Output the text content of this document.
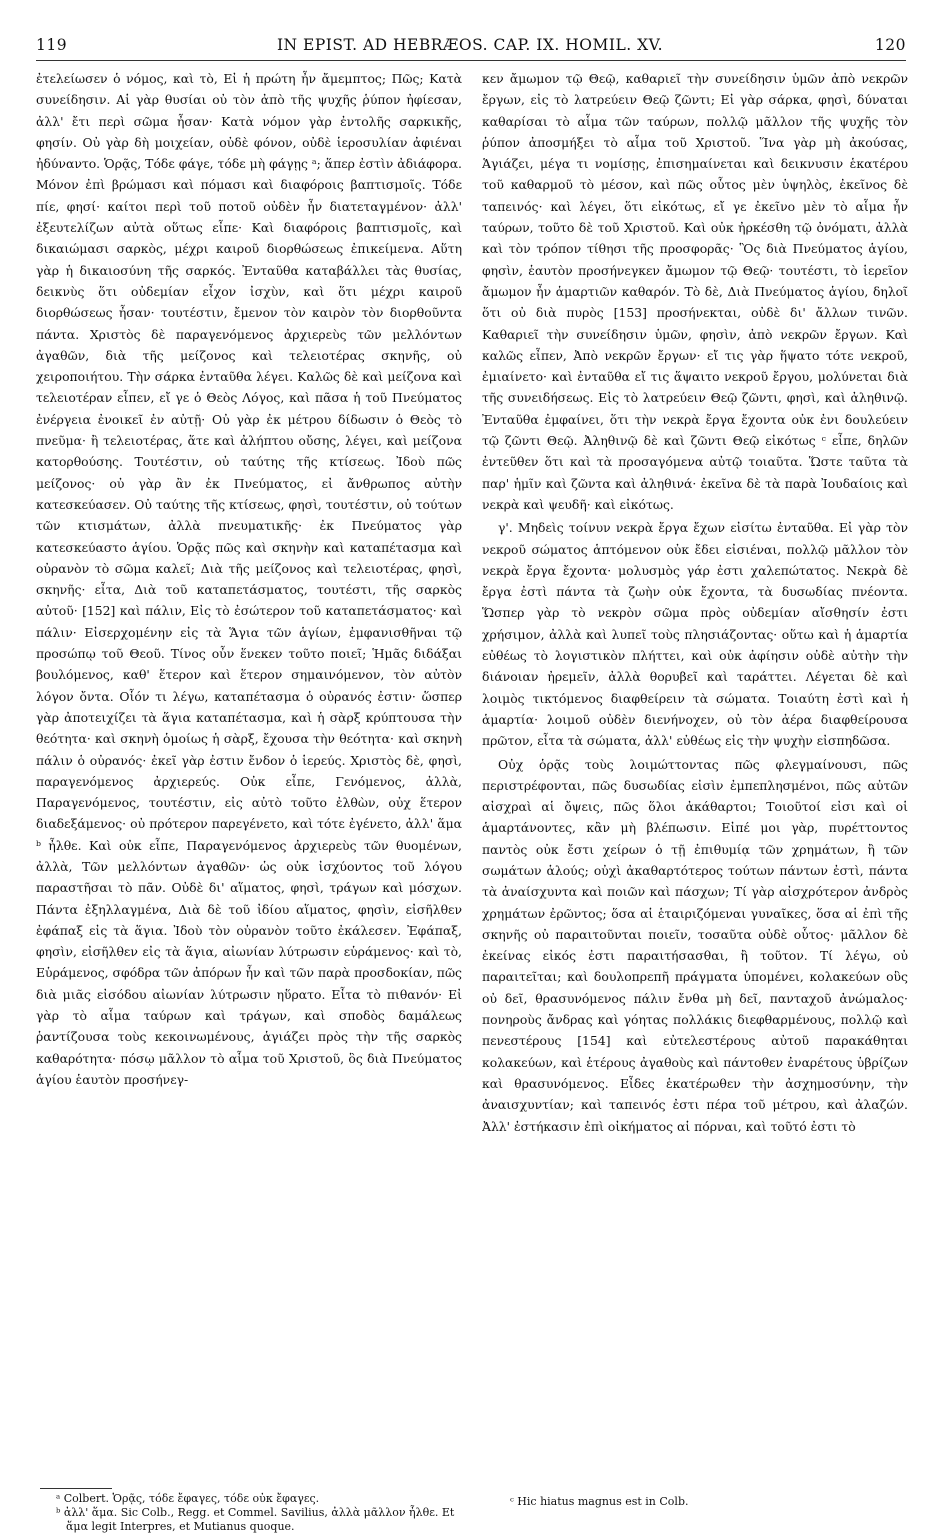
119	IN EPIST. AD HEBRÆOS. CAP. IX. HOMIL. XV.	120

ἐτελείωσεν ὁ νόμος, καὶ τὸ, Εἰ ἡ πρώτη ἦν ἄμεμπτος; Πῶς; Κατὰ συνείδησιν. Αἱ γὰρ θυσίαι οὐ τὸν ἀπὸ τῆς ψυχῆς ῥύπον ἠφίεσαν, ἀλλ' ἔτι περὶ σῶμα ἦσαν· Κατὰ νόμον γὰρ ἐντολῆς σαρκικῆς, φησίν. Οὐ γὰρ δὴ μοιχείαν, οὐδὲ φόνον, οὐδὲ ἱεροσυλίαν ἀφιέναι ἠδύναντο. Ὁρᾷς, Τόδε φάγε, τόδε μὴ φάγῃς ᵃ; ἅπερ ἐστὶν ἀδιάφορα. Μόνον ἐπὶ βρώμασι καὶ πόμασι καὶ διαφόροις βαπτισμοῖς. Τόδε πίε, φησί· καίτοι περὶ τοῦ ποτοῦ οὐδὲν ἦν διατεταγμένον· ἀλλ' ἐξευτελίζων αὐτὰ οὕτως εἶπε· Καὶ διαφόροις βαπτισμοῖς, καὶ δικαιώμασι σαρκὸς, μέχρι καιροῦ διορθώσεως ἐπικείμενα. Αὕτη γὰρ ἡ δικαιοσύνη τῆς σαρκός. Ἐνταῦθα καταβάλλει τὰς θυσίας, δεικνὺς ὅτι οὐδεμίαν εἶχον ἰσχὺν, καὶ ὅτι μέχρι καιροῦ διορθώσεως ἦσαν· τουτέστιν, ἔμενον τὸν καιρὸν τὸν διορθοῦντα πάντα. Χριστὸς δὲ παραγενόμενος ἀρχιερεὺς τῶν μελλόντων ἀγαθῶν, διὰ τῆς μείζονος καὶ τελειοτέρας σκηνῆς, οὐ χειροποιήτου. Τὴν σάρκα ἐνταῦθα λέγει. Καλῶς δὲ καὶ μείζονα καὶ τελειοτέραν εἶπεν, εἴ γε ὁ Θεὸς Λόγος, καὶ πᾶσα ἡ τοῦ Πνεύματος ἐνέργεια ἐνοικεῖ ἐν αὐτῇ· Οὐ γὰρ ἐκ μέτρου δίδωσιν ὁ Θεὸς τὸ πνεῦμα· ἢ τελειοτέρας, ἅτε καὶ ἀλήπτου οὔσης, λέγει, καὶ μείζονα κατορθούσης. Τουτέστιν, οὐ ταύτης τῆς κτίσεως. Ἰδοὺ πῶς μείζονος· οὐ γὰρ ἂν ἐκ Πνεύματος, εἰ ἄνθρωπος αὐτὴν κατεσκεύασεν. Οὐ ταύτης τῆς κτίσεως, φησὶ, τουτέστιν, οὐ τούτων τῶν κτισμάτων, ἀλλὰ πνευματικῆς· ἐκ Πνεύματος γὰρ κατεσκεύαστο ἁγίου. Ὁρᾷς πῶς καὶ σκηνὴν καὶ καταπέτασμα καὶ οὐρανὸν τὸ σῶμα καλεῖ; Διὰ τῆς μείζονος καὶ τελειοτέρας, φησὶ, σκηνῆς· εἶτα, Διὰ τοῦ καταπετάσματος, τουτέστι, τῆς σαρκὸς αὐτοῦ· [152] καὶ πάλιν, Εἰς τὸ ἐσώτερον τοῦ καταπετάσματος· καὶ πάλιν· Εἰσερχομένην εἰς τὰ Ἅγια τῶν ἁγίων, ἐμφανισθῆναι τῷ προσώπῳ τοῦ Θεοῦ. Τίνος οὖν ἕνεκεν τοῦτο ποιεῖ; Ἡμᾶς διδάξαι βουλόμενος, καθ' ἕτερον καὶ ἕτερον σημαινόμενον, τὸν αὐτὸν λόγον ὄντα. Οἷόν τι λέγω, καταπέτασμα ὁ οὐρανός ἐστιν· ὥσπερ γὰρ ἀποτειχίζει τὰ ἅγια καταπέτασμα, καὶ ἡ σὰρξ κρύπτουσα τὴν θεότητα· καὶ σκηνὴ ὁμοίως ἡ σὰρξ, ἔχουσα τὴν θεότητα· καὶ σκηνὴ πάλιν ὁ οὐρανός· ἐκεῖ γὰρ ἐστιν ἔνδον ὁ ἱερεύς. Χριστὸς δὲ, φησὶ, παραγενόμενος ἀρχιερεύς. Οὐκ εἶπε, Γενόμενος, ἀλλὰ, Παραγενόμενος, τουτέστιν, εἰς αὐτὸ τοῦτο ἐλθὼν, οὐχ ἕτερον διαδεξάμενος· οὐ πρότερον παρεγένετο, καὶ τότε ἐγένετο, ἀλλ' ἅμα ᵇ ἦλθε. Καὶ οὐκ εἶπε, Παραγενόμενος ἀρχιερεὺς τῶν θυομένων, ἀλλὰ, Τῶν μελλόντων ἀγαθῶν· ὡς οὐκ ἰσχύοντος τοῦ λόγου παραστῆσαι τὸ πᾶν. Οὐδὲ δι' αἵματος, φησὶ, τράγων καὶ μόσχων. Πάντα ἐξηλλαγμένα, Διὰ δὲ τοῦ ἰδίου αἵματος, φησὶν, εἰσῆλθεν ἐφάπαξ εἰς τὰ ἅγια. Ἰδοὺ τὸν οὐρανὸν τοῦτο ἐκάλεσεν. Ἐφάπαξ, φησὶν, εἰσῆλθεν εἰς τὰ ἅγια, αἰωνίαν λύτρωσιν εὑράμενος· καὶ τὸ, Εὑράμενος, σφόδρα τῶν ἀπόρων ἦν καὶ τῶν παρὰ προσδοκίαν, πῶς διὰ μιᾶς εἰσόδου αἰωνίαν λύτρωσιν ηὕρατο. Εἶτα τὸ πιθανόν· Εἰ γὰρ τὸ αἷμα ταύρων καὶ τράγων, καὶ σποδὸς δαμάλεως ῥαντίζουσα τοὺς κεκοινωμένους, ἁγιάζει πρὸς τὴν τῆς σαρκὸς καθαρότητα· πόσῳ μᾶλλον τὸ αἷμα τοῦ Χριστοῦ, ὃς διὰ Πνεύματος ἁγίου ἑαυτὸν προσήνεγ-

κεν ἄμωμον τῷ Θεῷ, καθαριεῖ τὴν συνείδησιν ὑμῶν ἀπὸ νεκρῶν ἔργων, εἰς τὸ λατρεύειν Θεῷ ζῶντι; Εἰ γὰρ σάρκα, φησὶ, δύναται καθαρίσαι τὸ αἷμα τῶν ταύρων, πολλῷ μᾶλλον τῆς ψυχῆς τὸν ῥύπον ἀποσμήξει τὸ αἷμα τοῦ Χριστοῦ. Ἵνα γὰρ μὴ ἀκούσας, Ἁγιάζει, μέγα τι νομίσῃς, ἐπισημαίνεται καὶ δεικνυσιν ἑκατέρου τοῦ καθαρμοῦ τὸ μέσον, καὶ πῶς οὗτος μὲν ὑψηλὸς, ἐκεῖνος δὲ ταπεινός· καὶ λέγει, ὅτι εἰκότως, εἴ γε ἐκεῖνο μὲν τὸ αἷμα ἦν ταύρων, τοῦτο δὲ τοῦ Χριστοῦ. Καὶ οὐκ ἠρκέσθη τῷ ὀνόματι, ἀλλὰ καὶ τὸν τρόπον τίθησι τῆς προσφορᾶς· Ὃς διὰ Πνεύματος ἁγίου, φησὶν, ἑαυτὸν προσήνεγκεν ἄμωμον τῷ Θεῷ· τουτέστι, τὸ ἱερεῖον ἄμωμον ἦν ἁμαρτιῶν καθαρόν. Τὸ δὲ, Διὰ Πνεύματος ἁγίου, δηλοῖ ὅτι οὐ διὰ πυρὸς [153] προσήνεκται, οὐδὲ δι' ἄλλων τινῶν. Καθαριεῖ τὴν συνείδησιν ὑμῶν, φησὶν, ἀπὸ νεκρῶν ἔργων. Καὶ καλῶς εἶπεν, Ἀπὸ νεκρῶν ἔργων· εἴ τις γὰρ ἥψατο τότε νεκροῦ, ἐμιαίνετο· καὶ ἐνταῦθα εἴ τις ἅψαιτο νεκροῦ ἔργου, μολύνεται διὰ τῆς συνειδήσεως. Εἰς τὸ λατρεύειν Θεῷ ζῶντι, φησὶ, καὶ ἀληθινῷ. Ἐνταῦθα ἐμφαίνει, ὅτι τὴν νεκρὰ ἔργα ἔχοντα οὐκ ἐνι δουλεύειν τῷ ζῶντι Θεῷ. Ἀληθινῷ δὲ καὶ ζῶντι Θεῷ εἰκότως ᶜ εἶπε, δηλῶν ἐντεῦθεν ὅτι καὶ τὰ προσαγόμενα αὐτῷ τοιαῦτα. Ὥστε ταῦτα τὰ παρ' ἡμῖν καὶ ζῶντα καὶ ἀληθινά· ἐκεῖνα δὲ τὰ παρὰ Ἰουδαίοις καὶ νεκρὰ καὶ ψευδῆ· καὶ εἰκότως.

γ'. Μηδεὶς τοίνυν νεκρὰ ἔργα ἔχων εἰσίτω ἐνταῦθα. Εἰ γὰρ τὸν νεκροῦ σώματος ἁπτόμενον οὐκ ἔδει εἰσιέναι, πολλῷ μᾶλλον τὸν νεκρὰ ἔργα ἔχοντα· μολυσμὸς γάρ ἐστι χαλεπώτατος. Νεκρὰ δὲ ἔργα ἐστὶ πάντα τὰ ζωὴν οὐκ ἔχοντα, τὰ δυσωδίας πνέοντα. Ὥσπερ γὰρ τὸ νεκρὸν σῶμα πρὸς οὐδεμίαν αἴσθησίν ἐστι χρήσιμον, ἀλλὰ καὶ λυπεῖ τοὺς πλησιάζοντας· οὕτω καὶ ἡ ἁμαρτία εὐθέως τὸ λογιστικὸν πλήττει, καὶ οὐκ ἀφίησιν οὐδὲ αὐτὴν τὴν διάνοιαν ἠρεμεῖν, ἀλλὰ θορυβεῖ καὶ ταράττει. Λέγεται δὲ καὶ λοιμὸς τικτόμενος διαφθείρειν τὰ σώματα. Τοιαύτη ἐστὶ καὶ ἡ ἁμαρτία· λοιμοῦ οὐδὲν διενήνοχεν, οὐ τὸν ἀέρα διαφθείρουσα πρῶτον, εἶτα τὰ σώματα, ἀλλ' εὐθέως εἰς τὴν ψυχὴν εἰσπηδῶσα.

Οὐχ ὁρᾷς τοὺς λοιμώττοντας πῶς φλεγμαίνουσι, πῶς περιστρέφονται, πῶς δυσωδίας εἰσὶν ἐμπεπλησμένοι, πῶς αὐτῶν αἰσχραὶ αἱ ὄψεις, πῶς ὅλοι ἀκάθαρτοι; Τοιοῦτοί εἰσι καὶ οἱ ἁμαρτάνοντες, κἂν μὴ βλέπωσιν. Εἰπέ μοι γὰρ, πυρέττοντος παντὸς οὐκ ἔστι χείρων ὁ τῇ ἐπιθυμίᾳ τῶν χρημάτων, ἢ τῶν σωμάτων ἁλούς; οὐχὶ ἀκαθαρτότερος τούτων πάντων ἐστὶ, πάντα τὰ ἀναίσχυντα καὶ ποιῶν καὶ πάσχων; Τί γὰρ αἰσχρότερον ἀνδρὸς χρημάτων ἐρῶντος; ὅσα αἱ ἑταιριζόμεναι γυναῖκες, ὅσα αἱ ἐπὶ τῆς σκηνῆς οὐ παραιτοῦνται ποιεῖν, τοσαῦτα οὐδὲ οὗτος· μᾶλλον δὲ ἐκείνας εἰκός ἐστι παραιτήσασθαι, ἢ τοῦτον. Τί λέγω, οὐ παραιτεῖται; καὶ δουλοπρεπῆ πράγματα ὑπομένει, κολακεύων οὓς οὐ δεῖ, θρασυνόμενος πάλιν ἔνθα μὴ δεῖ, πανταχοῦ ἀνώμαλος· πονηροὺς ἄνδρας καὶ γόητας πολλάκις διεφθαρμένους, πολλῷ καὶ πενεστέρους [154] καὶ εὐτελεστέρους αὐτοῦ παρακάθηται κολακεύων, καὶ ἑτέρους ἀγαθοὺς καὶ πάντοθεν ἐναρέτους ὑβρίζων καὶ θρασυνόμενος. Εἶδες ἑκατέρωθεν τὴν ἀσχημοσύνην, τὴν ἀναισχυντίαν; καὶ ταπεινός ἐστι πέρα τοῦ μέτρου, καὶ ἀλαζών. Ἀλλ' ἐστήκασιν ἐπὶ οἰκήματος αἱ πόρναι, καὶ τοῦτό ἐστι τὸ

ᵃ Colbert. Ὁρᾷς, τόδε ἔφαγες, τόδε οὐκ ἔφαγες.
ᵇ ἀλλ' ἅμα. Sic Colb., Regg. et Commel. Savilius, ἀλλὰ μᾶλλον ἦλθε. Et ἅμα legit Interpres, et Mutianus quoque.
ᶜ Hic hiatus magnus est in Colb.
